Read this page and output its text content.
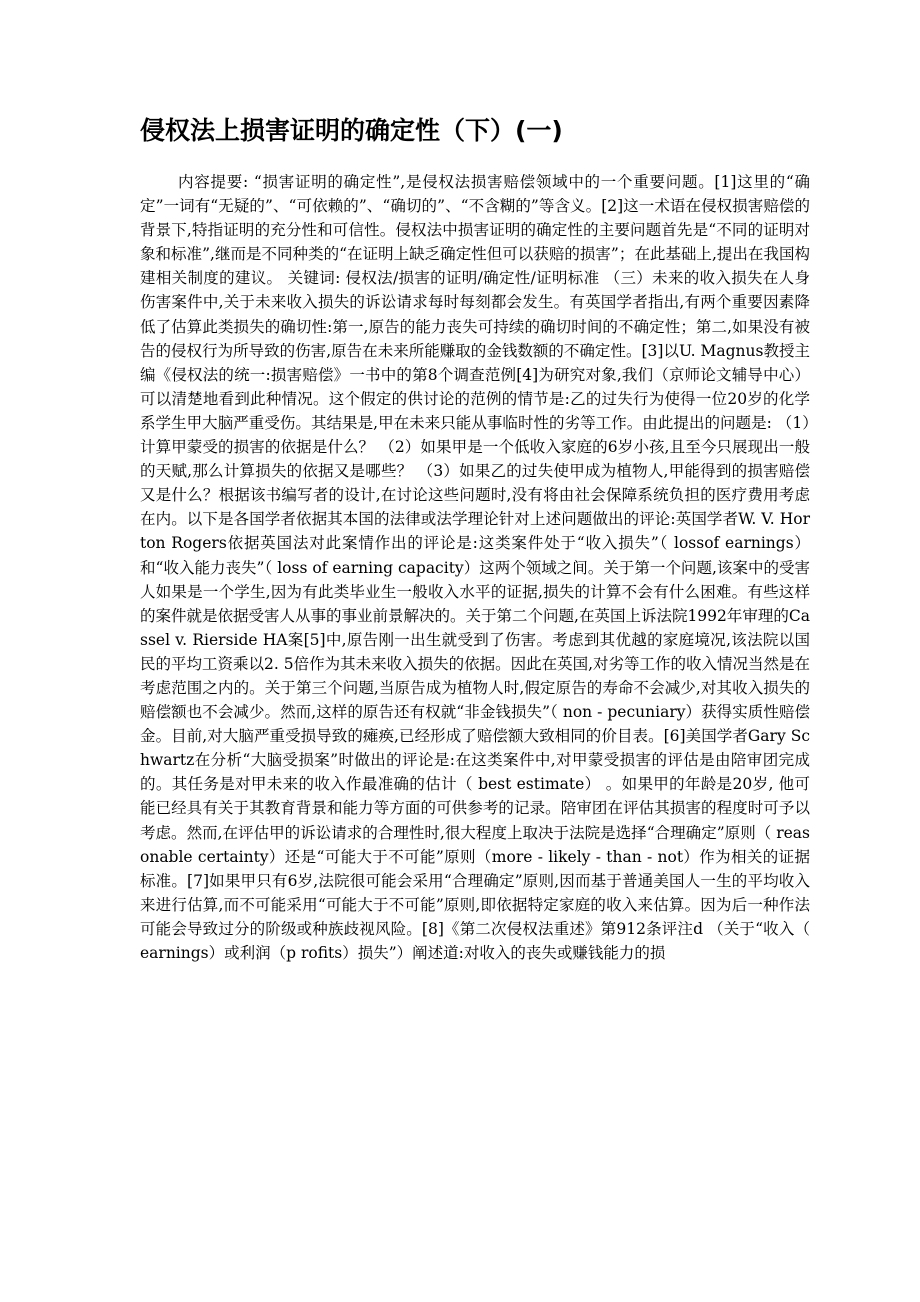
侵权法上损害证明的确定性（下）(一)

内容提要: “损害证明的确定性”,是侵权法损害赔偿领域中的一个重要问题。[1]这里的“确定”一词有“无疑的”、“可依赖的”、“确切的”、“不含糊的”等含义。[2]这一术语在侵权损害赔偿的背景下,特指证明的充分性和可信性。侵权法中损害证明的确定性的主要问题首先是“不同的证明对象和标准”,继而是不同种类的“在证明上缺乏确定性但可以获赔的损害”；在此基础上,提出在我国构建相关制度的建议。 关键词: 侵权法/损害的证明/确定性/证明标准 （三）未来的收入损失在人身伤害案件中,关于未来收入损失的诉讼请求每时每刻都会发生。有英国学者指出,有两个重要因素降低了估算此类损失的确切性:第一,原告的能力丧失可持续的确切时间的不确定性；第二,如果没有被告的侵权行为所导致的伤害,原告在未来所能赚取的金钱数额的不确定性。[3]以U. Magnus教授主编《侵权法的统一:损害赔偿》一书中的第8个调查范例[4]为研究对象,我们（京师论文辅导中心）可以清楚地看到此种情况。这个假定的供讨论的范例的情节是:乙的过失行为使得一位20岁的化学系学生甲大脑严重受伤。其结果是,甲在未来只能从事临时性的劣等工作。由此提出的问题是: （1）计算甲蒙受的损害的依据是什么？ （2）如果甲是一个低收入家庭的6岁小孩,且至今只展现出一般的天赋,那么计算损失的依据又是哪些？ （3）如果乙的过失使甲成为植物人,甲能得到的损害赔偿又是什么？根据该书编写者的设计,在讨论这些问题时,没有将由社会保障系统负担的医疗费用考虑在内。以下是各国学者依据其本国的法律或法学理论针对上述问题做出的评论:英国学者W. V. Horton Rogers依据英国法对此案情作出的评论是:这类案件处于“收入损失”（ lossof earnings）和“收入能力丧失”（ loss of earning capacity）这两个领域之间。关于第一个问题,该案中的受害人如果是一个学生,因为有此类毕业生一般收入水平的证据,损失的计算不会有什么困难。有些这样的案件就是依据受害人从事的事业前景解决的。关于第二个问题,在英国上诉法院1992年审理的Cassel v. Rierside HA案[5]中,原告刚一出生就受到了伤害。考虑到其优越的家庭境况,该法院以国民的平均工资乘以2. 5倍作为其未来收入损失的依据。因此在英国,对劣等工作的收入情况当然是在考虑范围之内的。关于第三个问题,当原告成为植物人时,假定原告的寿命不会减少,对其收入损失的赔偿额也不会减少。然而,这样的原告还有权就“非金钱损失”（ non - pecuniary）获得实质性赔偿金。目前,对大脑严重受损导致的瘫痪,已经形成了赔偿额大致相同的价目表。[6]美国学者Gary Schwartz在分析“大脑受损案”时做出的评论是:在这类案件中,对甲蒙受损害的评估是由陪审团完成的。其任务是对甲未来的收入作最准确的估计（ best estimate） 。如果甲的年龄是20岁, 他可能已经具有关于其教育背景和能力等方面的可供参考的记录。陪审团在评估其损害的程度时可予以考虑。然而,在评估甲的诉讼请求的合理性时,很大程度上取决于法院是选择“合理确定”原则（ reasonable certainty）还是“可能大于不可能”原则（more - likely - than - not）作为相关的证据标准。[7]如果甲只有6岁,法院很可能会采用“合理确定”原则,因而基于普通美国人一生的平均收入来进行估算,而不可能采用“可能大于不可能”原则,即依据特定家庭的收入来估算。因为后一种作法可能会导致过分的阶级或种族歧视风险。[8]《第二次侵权法重述》第912条评注d （关于“收入（ earnings）或利润（p rofits）损失”）阐述道:对收入的丧失或赚钱能力的损
